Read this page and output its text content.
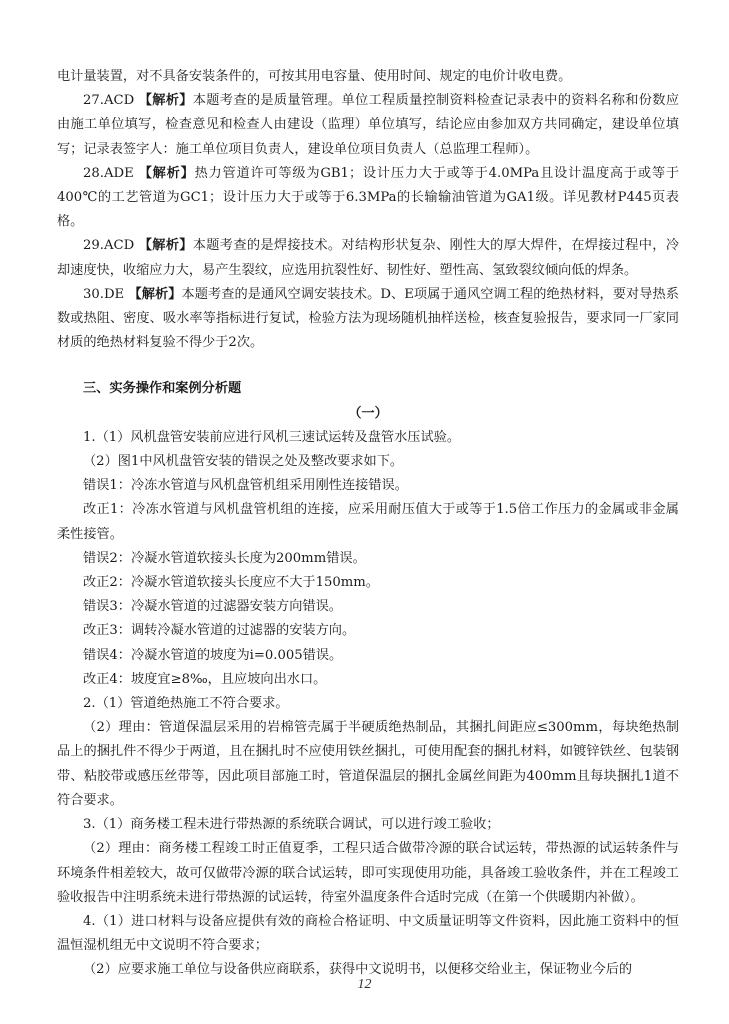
电计量装置，对不具备安装条件的，可按其用电容量、使用时间、规定的电价计收电费。

27.ACD 【解析】本题考查的是质量管理。单位工程质量控制资料检查记录表中的资料名称和份数应由施工单位填写，检查意见和检查人由建设（监理）单位填写，结论应由参加双方共同确定，建设单位填写；记录表签字人：施工单位项目负责人，建设单位项目负责人（总监理工程师）。

28.ADE 【解析】热力管道许可等级为GB1；设计压力大于或等于4.0MPa且设计温度高于或等于400℃的工艺管道为GC1；设计压力大于或等于6.3MPa的长输输油管道为GA1级。详见教材P445页表格。

29.ACD 【解析】本题考查的是焊接技术。对结构形状复杂、刚性大的厚大焊件，在焊接过程中，冷却速度快，收缩应力大，易产生裂纹，应选用抗裂性好、韧性好、塑性高、氢致裂纹倾向低的焊条。

30.DE 【解析】本题考查的是通风空调安装技术。D、E项属于通风空调工程的绝热材料，要对导热系数或热阻、密度、吸水率等指标进行复试，检验方法为现场随机抽样送检，核查复验报告，要求同一厂家同材质的绝热材料复验不得少于2次。

三、实务操作和案例分析题

（一）

1.（1）风机盘管安装前应进行风机三速试运转及盘管水压试验。

（2）图1中风机盘管安装的错误之处及整改要求如下。

错误1：冷冻水管道与风机盘管机组采用刚性连接错误。

改正1：冷冻水管道与风机盘管机组的连接，应采用耐压值大于或等于1.5倍工作压力的金属或非金属柔性接管。

错误2：冷凝水管道软接头长度为200mm错误。

改正2：冷凝水管道软接头长度应不大于150mm。

错误3：冷凝水管道的过滤器安装方向错误。

改正3：调转冷凝水管道的过滤器的安装方向。

错误4：冷凝水管道的坡度为i=0.005错误。

改正4：坡度宜≥8‰，且应坡向出水口。

2.（1）管道绝热施工不符合要求。

（2）理由：管道保温层采用的岩棉管壳属于半硬质绝热制品，其捆扎间距应≤300mm，每块绝热制品上的捆扎件不得少于两道，且在捆扎时不应使用铁丝捆扎，可使用配套的捆扎材料，如镀锌铁丝、包装钢带、粘胶带或感压丝带等，因此项目部施工时，管道保温层的捆扎金属丝间距为400mm且每块捆扎1道不符合要求。

3.（1）商务楼工程未进行带热源的系统联合调试，可以进行竣工验收；

（2）理由：商务楼工程竣工时正值夏季，工程只适合做带冷源的联合试运转，带热源的试运转条件与环境条件相差较大，故可仅做带冷源的联合试运转，即可实现使用功能，具备竣工验收条件，并在工程竣工验收报告中注明系统未进行带热源的试运转，待室外温度条件合适时完成（在第一个供暖期内补做）。

4.（1）进口材料与设备应提供有效的商检合格证明、中文质量证明等文件资料，因此施工资料中的恒温恒湿机组无中文说明不符合要求；

（2）应要求施工单位与设备供应商联系，获得中文说明书，以便移交给业主，保证物业今后的

12
